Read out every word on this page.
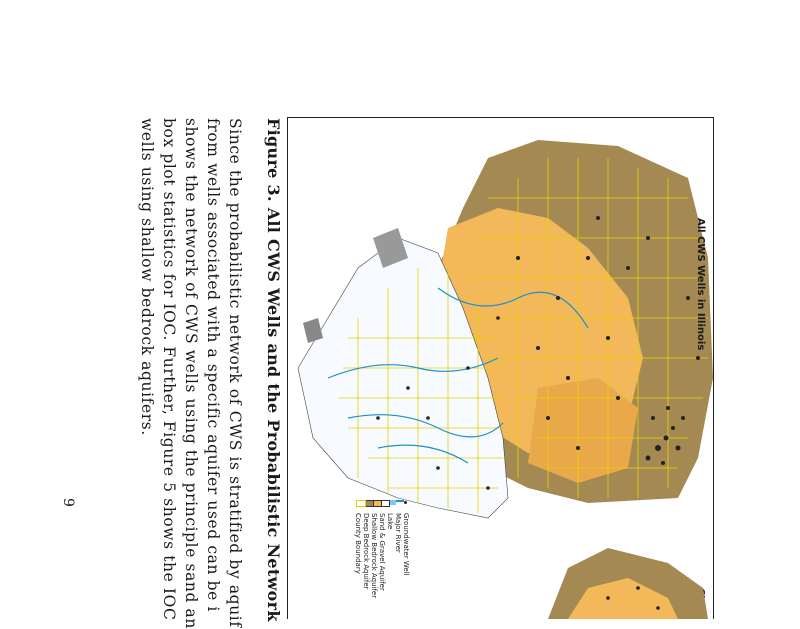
Groundwater Well
Major River
Lake
Sand & Gravel Aquifer
Shallow Bedrock Aquifer
Deep Bedrock Aquifer
County Boundary
All CWS Wells in Illinois
Figure 3. All CWS Wells and the Probabilistic Network
Since the probabilistic network of CWS is stratified by aquif
from wells associated with a specific aquifer used can be i
shows the network of CWS wells using the principle sand an
box plot statistics for IOC. Further, Figure 5 shows the IOC
wells using shallow bedrock aquifers.
9
